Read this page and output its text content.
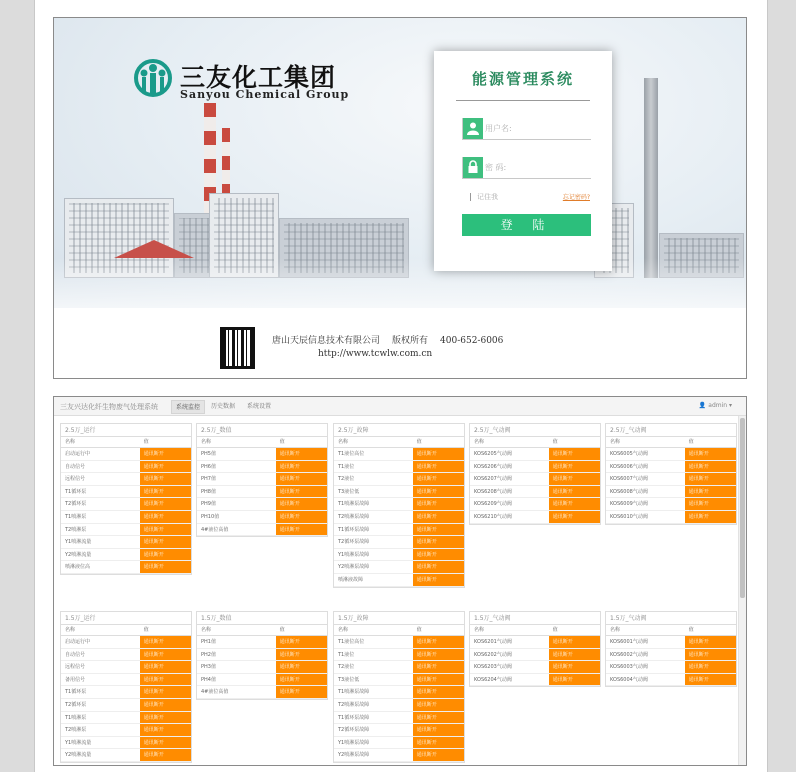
三友化工集团
Sanyou Chemical Group
能源管理系统
用户名:
记住我	忘记密码?
登 陆
唐山天辰信息技术有限公司 版权所有 400-652-6006
http://www.tcwlw.com.cn
三友兴达化纤生物废气处理系统	系统监控	历史数据	系统设置	👤 admin ▾
2.5万_运行
名称	值
启动运行中	通讯断开
自动信号	通讯断开
远程信号	通讯断开
T1循环泵	通讯断开
T2循环泵	通讯断开
T1喷淋泵	通讯断开
T2喷淋泵	通讯断开
Y1喷淋流量	通讯断开
Y2喷淋流量	通讯断开
喷淋液位高	通讯断开
2.5万_数值
名称	值
PH5值	通讯断开
PH6值	通讯断开
PH7值	通讯断开
PH8值	通讯断开
PH9值	通讯断开
PH10值	通讯断开
4#液位高值	通讯断开
2.5万_故障
名称	值
T1液位高位	通讯断开
T1液位	通讯断开
T2液位	通讯断开
T3液位低	通讯断开
T1喷淋泵故障	通讯断开
T2喷淋泵故障	通讯断开
T1循环泵故障	通讯断开
T2循环泵故障	通讯断开
Y1喷淋泵故障	通讯断开
Y2喷淋泵故障	通讯断开
喷淋液故障	通讯断开
2.5万_气动阀
名称	值
KOS6205气动阀	通讯断开
KOS6206气动阀	通讯断开
KOS6207气动阀	通讯断开
KOS6208气动阀	通讯断开
KOS6209气动阀	通讯断开
KOS6210气动阀	通讯断开
2.5万_气动阀
名称	值
KOS6005气动阀	通讯断开
KOS6006气动阀	通讯断开
KOS6007气动阀	通讯断开
KOS6008气动阀	通讯断开
KOS6009气动阀	通讯断开
KOS6010气动阀	通讯断开
1.5万_运行
名称	值
启动运行中	通讯断开
自动信号	通讯断开
远程信号	通讯断开
备用信号	通讯断开
T1循环泵	通讯断开
T2循环泵	通讯断开
T1喷淋泵	通讯断开
T2喷淋泵	通讯断开
Y1喷淋流量	通讯断开
Y2喷淋流量	通讯断开
1.5万_数值
名称	值
PH1值	通讯断开
PH2值	通讯断开
PH3值	通讯断开
PH4值	通讯断开
4#液位高值	通讯断开
1.5万_故障
名称	值
T1液位高位	通讯断开
T1液位	通讯断开
T2液位	通讯断开
T3液位低	通讯断开
T1喷淋泵故障	通讯断开
T2喷淋泵故障	通讯断开
T1循环泵故障	通讯断开
T2循环泵故障	通讯断开
Y1喷淋泵故障	通讯断开
Y2喷淋泵故障	通讯断开
1.5万_气动阀
名称	值
KOS6201气动阀	通讯断开
KOS6202气动阀	通讯断开
KOS6203气动阀	通讯断开
KOS6204气动阀	通讯断开
1.5万_气动阀
名称	值
KOS6001气动阀	通讯断开
KOS6002气动阀	通讯断开
KOS6003气动阀	通讯断开
KOS6004气动阀	通讯断开
